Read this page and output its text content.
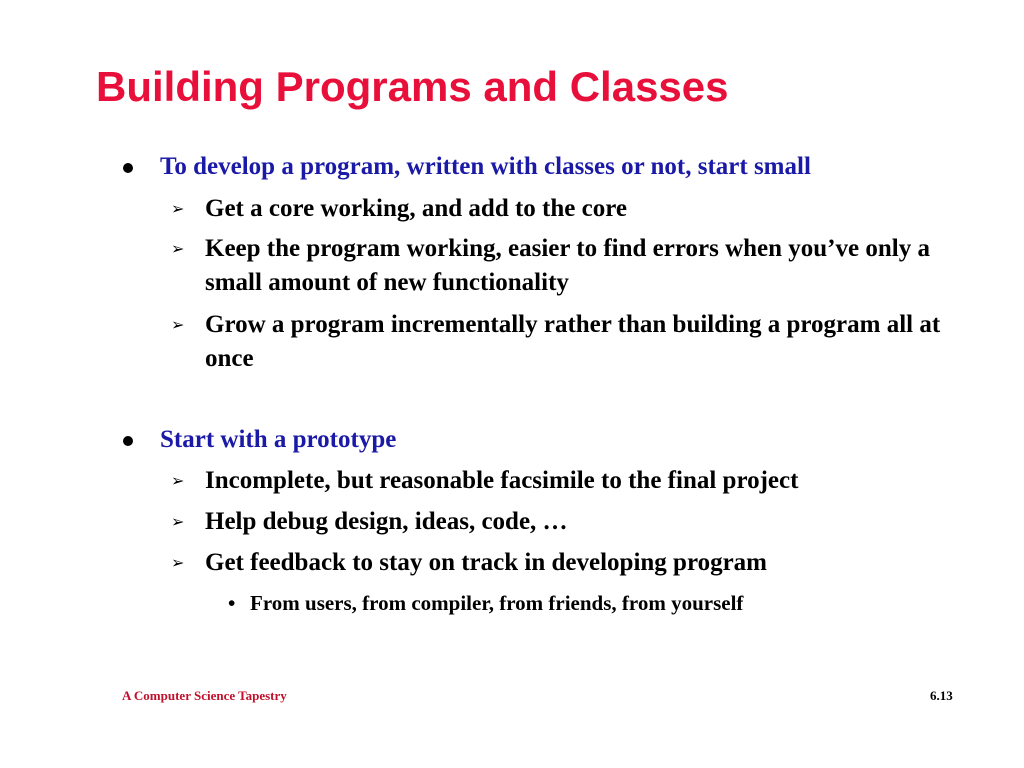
Building Programs and Classes
To develop a program, written with classes or not, start small
➢ Get a core working, and add to the core
➢ Keep the program working, easier to find errors when you’ve only a small amount of new functionality
➢ Grow a program incrementally rather than building a program all at once
Start with a prototype
➢ Incomplete, but reasonable facsimile to the final project
➢ Help debug design, ideas, code, …
➢ Get feedback to stay on track in developing program
• From users, from compiler, from friends, from yourself
A Computer Science Tapestry	6.13
